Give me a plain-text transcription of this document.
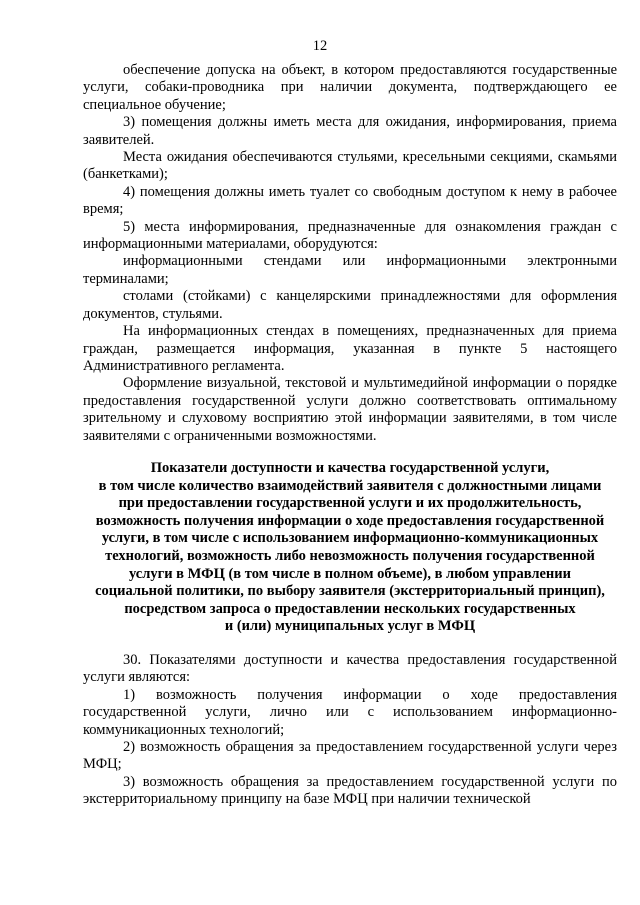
12

обеспечение допуска на объект, в котором предоставляются государственные услуги, собаки-проводника при наличии документа, подтверждающего ее специальное обучение;

3) помещения должны иметь места для ожидания, информирования, приема заявителей.

Места ожидания обеспечиваются стульями, кресельными секциями, скамьями (банкетками);

4) помещения должны иметь туалет со свободным доступом к нему в рабочее время;

5) места информирования, предназначенные для ознакомления граждан с информационными материалами, оборудуются:

информационными стендами или информационными электронными терминалами;

столами (стойками) с канцелярскими принадлежностями для оформления документов, стульями.

На информационных стендах в помещениях, предназначенных для приема граждан, размещается информация, указанная в пункте 5 настоящего Административного регламента.

Оформление визуальной, текстовой и мультимедийной информации о порядке предоставления государственной услуги должно соответствовать оптимальному зрительному и слуховому восприятию этой информации заявителями, в том числе заявителями с ограниченными возможностями.

Показатели доступности и качества государственной услуги,
в том числе количество взаимодействий заявителя с должностными лицами
при предоставлении государственной услуги и их продолжительность,
возможность получения информации о ходе предоставления государственной
услуги, в том числе с использованием информационно-коммуникационных
технологий, возможность либо невозможность получения государственной
услуги в МФЦ (в том числе в полном объеме), в любом управлении
социальной политики, по выбору заявителя (экстерриториальный принцип),
посредством запроса о предоставлении нескольких государственных
и (или) муниципальных услуг в МФЦ

30. Показателями доступности и качества предоставления государственной услуги являются:

1) возможность получения информации о ходе предоставления государственной услуги, лично или с использованием информационно-коммуникационных технологий;

2) возможность обращения за предоставлением государственной услуги через МФЦ;

3) возможность обращения за предоставлением государственной услуги по экстерриториальному принципу на базе МФЦ при наличии технической
